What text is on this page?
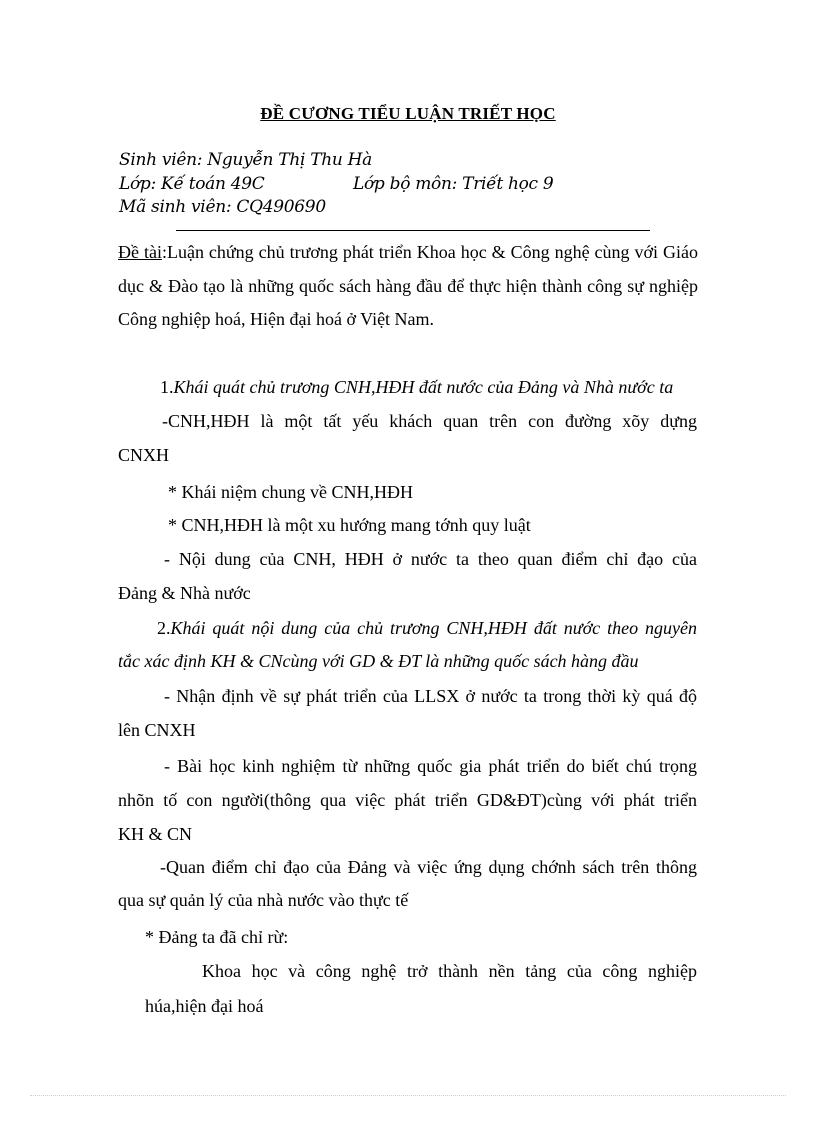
ĐỀ CƯƠNG TIỂU LUẬN TRIẾT HỌC
Sinh viên: Nguyễn Thị Thu Hà
Lớp: Kế toán 49C	Lớp bộ môn: Triết học 9
Mã sinh viên: CQ490690
Đề tài:Luận chứng chủ trương phát triển Khoa học & Công nghệ cùng với Giáo dục & Đào tạo là những quốc sách hàng đầu để thực hiện thành công sự nghiệp Công nghiệp hoá, Hiện đại hoá ở Việt Nam.
1.Khái quát chủ trương CNH,HĐH đất nước của Đảng và Nhà nước ta
-CNH,HĐH là một tất yếu khách quan trên con đường xõy dựng
CNXH
* Khái niệm chung về CNH,HĐH
* CNH,HĐH là một xu hướng mang tớnh quy luật
- Nội dung của CNH, HĐH ở nước ta theo quan điểm chỉ đạo của
Đảng & Nhà nước
2.Khái quát nội dung của chủ trương CNH,HĐH đất nước theo nguyên
tắc xác định KH & CNcùng với GD & ĐT là những quốc sách hàng đầu
- Nhận định về sự phát triển của LLSX ở nước ta trong thời kỳ quá độ
lên CNXH
- Bài học kinh nghiệm từ những quốc gia phát triển do biết chú trọng
nhõn tố con người(thông qua việc phát triển GD&ĐT)cùng với phát triển
KH & CN
-Quan điểm chỉ đạo của Đảng và việc ứng dụng chớnh sách trên thông
qua sự quản lý của nhà nước vào thực tế
* Đảng ta đã chỉ rừ:
Khoa học và công nghệ trở thành nền tảng của công nghiệp
húa,hiện đại hoá
